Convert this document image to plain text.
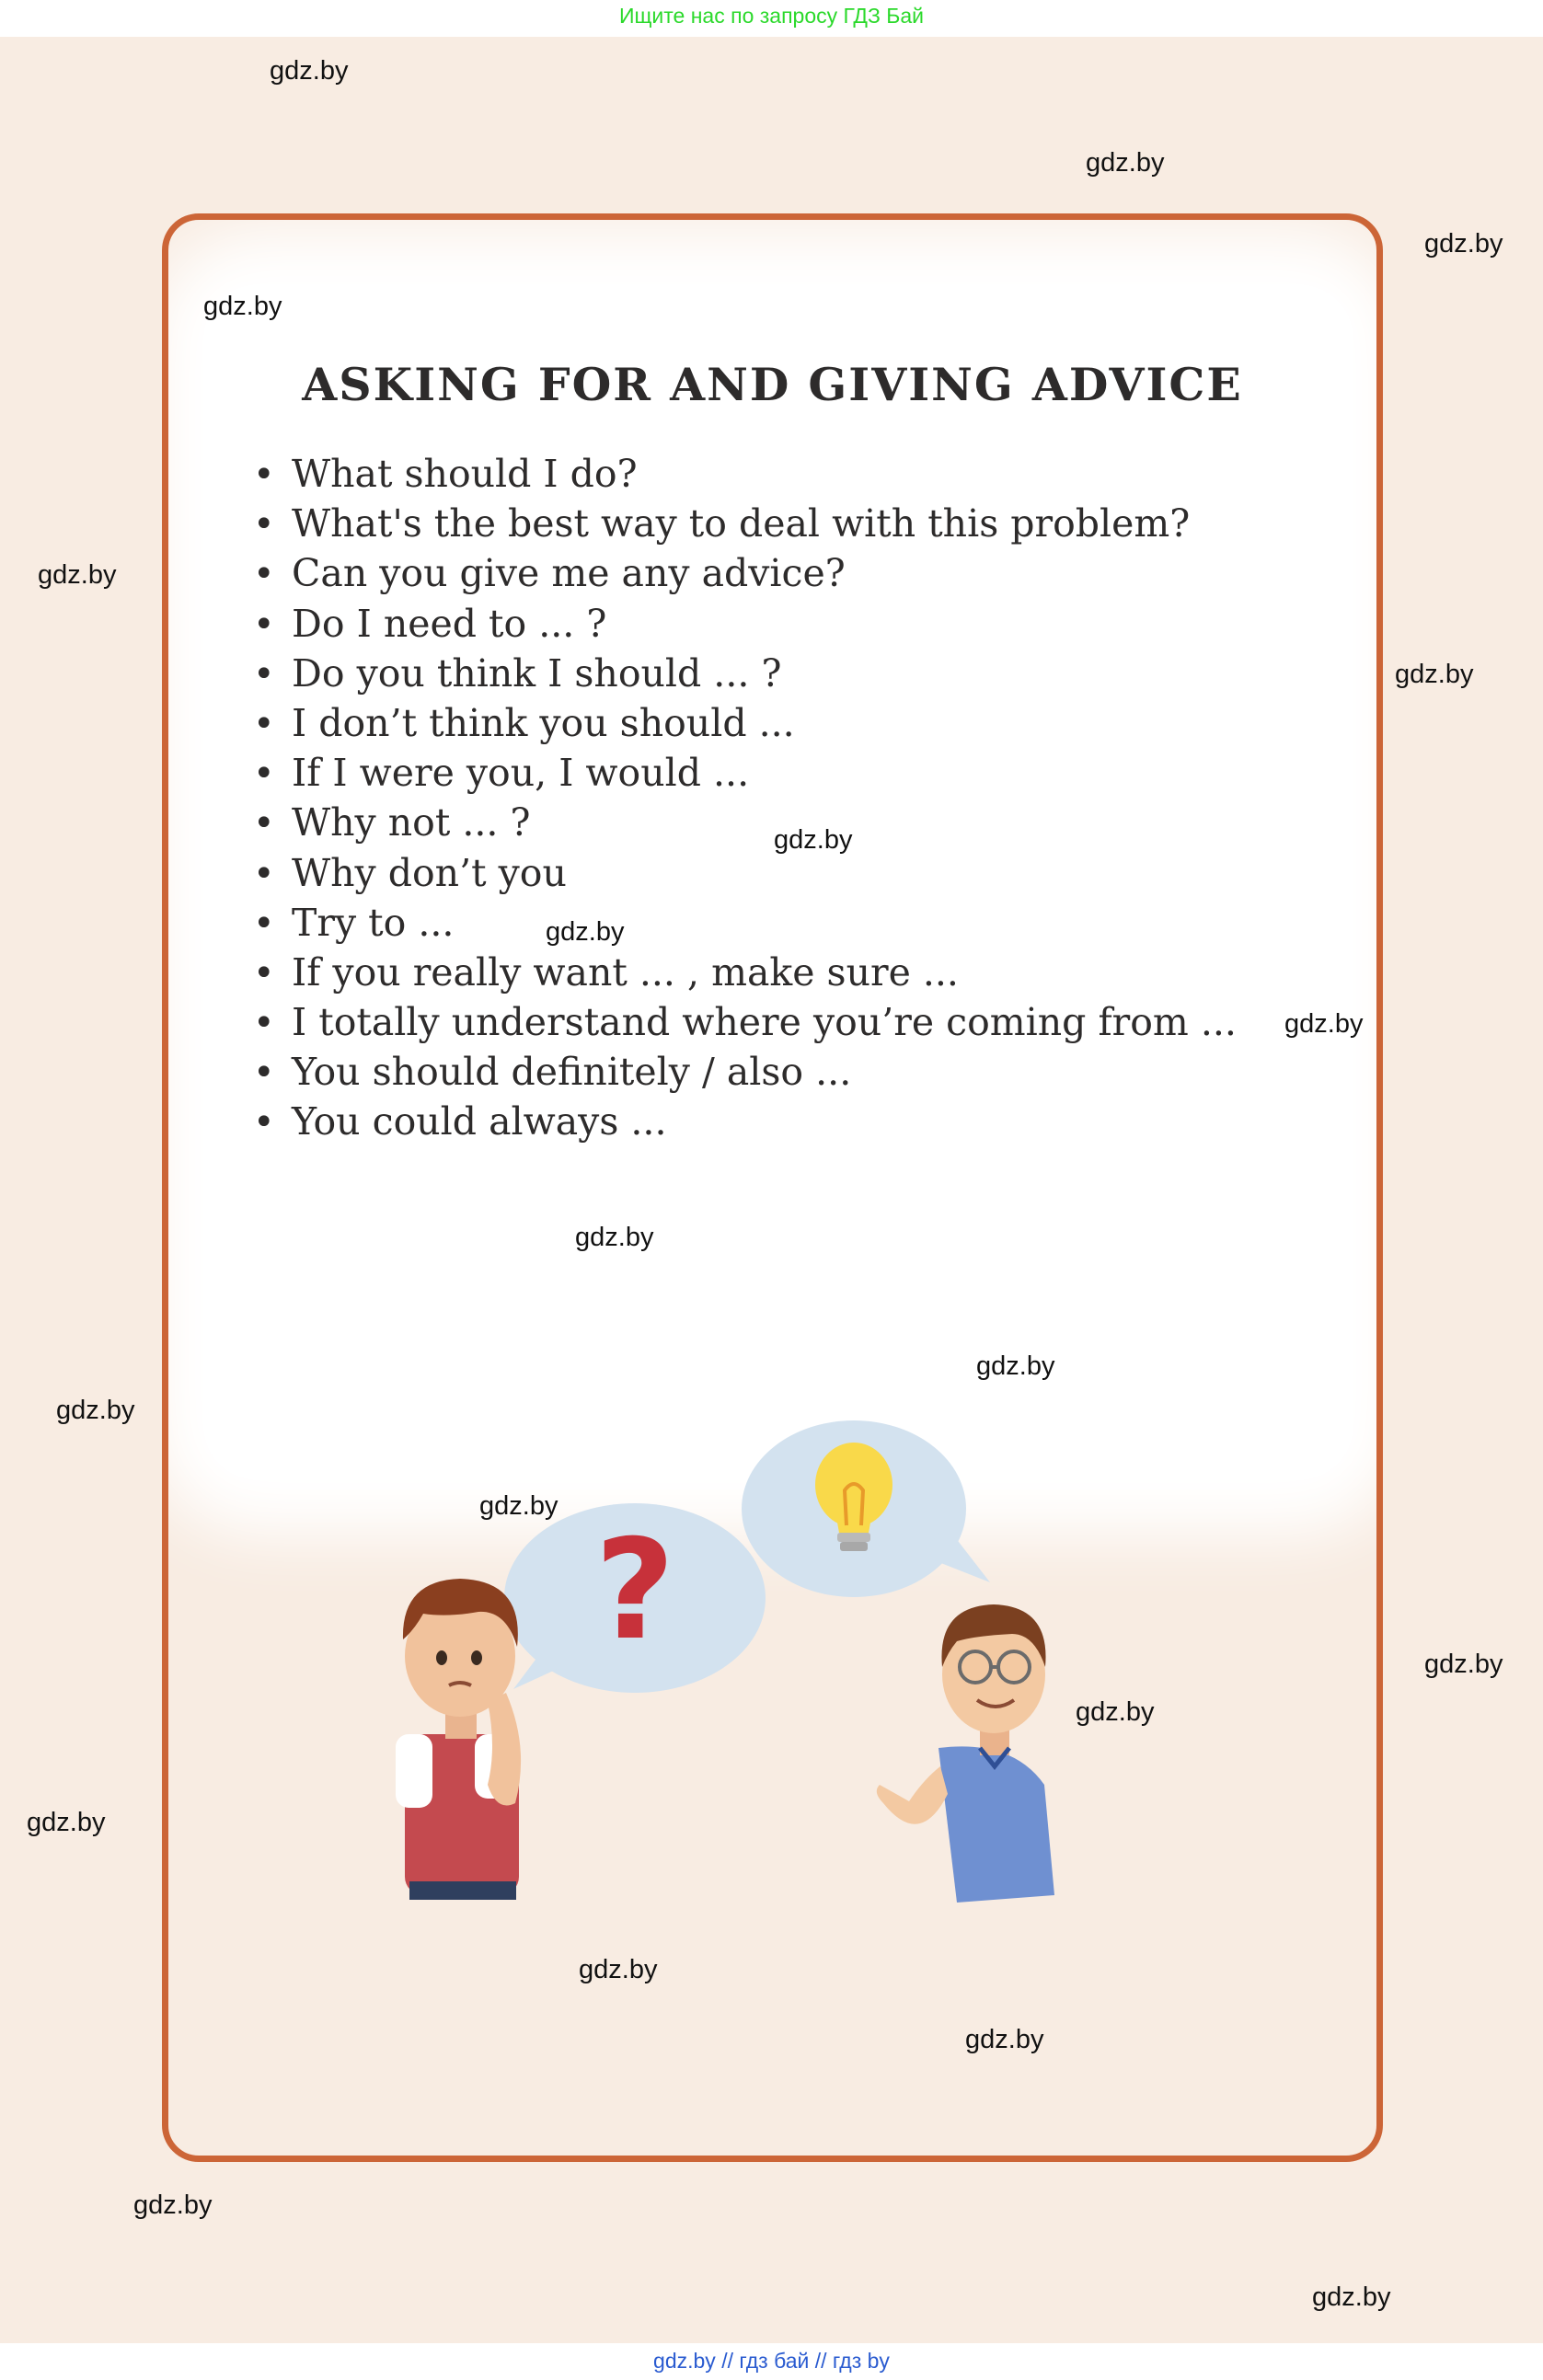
Ищите нас по запросу ГДЗ Бай
ASKING FOR AND GIVING ADVICE
• What should I do?
• What's the best way to deal with this problem?
• Can you give me any advice?
• Do I need to ... ?
• Do you think I should ... ?
• I don’t think you should ...
• If I were you, I would ...
• Why not ... ?
• Why don’t you
• Try to ...
• If you really want ... , make sure ...
• I totally understand where you’re coming from ...
• You should definitely / also ...
• You could always ...
?
gdz.by
gdz.by
gdz.by
gdz.by
gdz.by
gdz.by
gdz.by
gdz.by
gdz.by
gdz.by
gdz.by
gdz.by
gdz.by
gdz.by
gdz.by
gdz.by
gdz.by
gdz.by
gdz.by
gdz.by
gdz.by // гдз бай // гдз by
